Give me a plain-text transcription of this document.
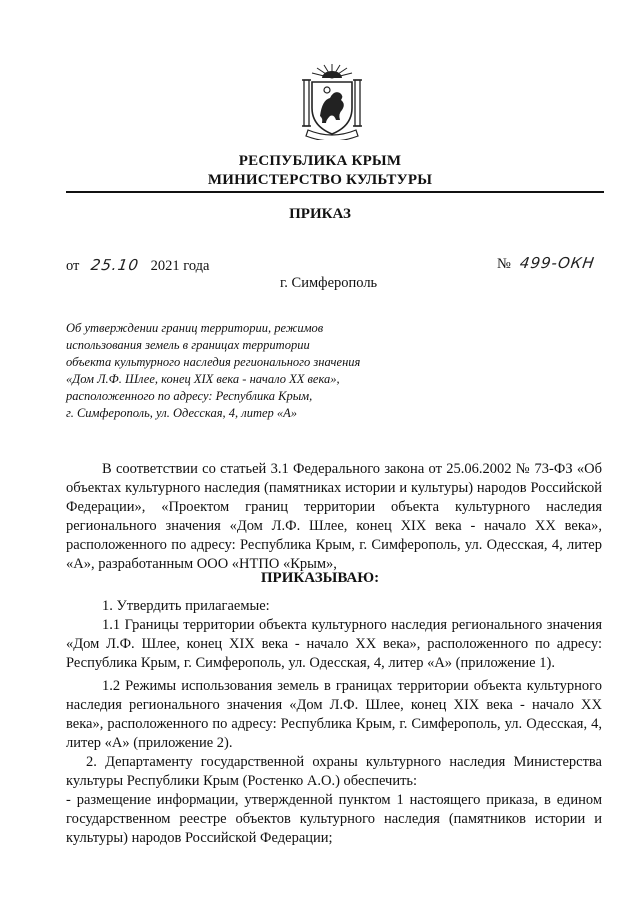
РЕСПУБЛИКА КРЫМ
МИНИСТЕРСТВО КУЛЬТУРЫ
ПРИКАЗ
от 25.10 2021 года	№ 499-ОКН
г. Симферополь
Об утверждении границ территории, режимов
использования земель в границах территории
объекта культурного наследия регионального значения
«Дом Л.Ф. Шлее, конец XIX века - начало XX века»,
расположенного по адресу: Республика Крым,
г. Симферополь, ул. Одесская, 4, литер «А»

В соответствии со статьей 3.1 Федерального закона от 25.06.2002 № 73-ФЗ «Об объектах культурного наследия (памятниках истории и культуры) народов Российской Федерации», «Проектом границ территории объекта культурного наследия регионального значения «Дом Л.Ф. Шлее, конец XIX века - начало XX века», расположенного по адресу: Республика Крым, г. Симферополь, ул. Одесская, 4, литер «А», разработанным ООО «НТПО «Крым»,

ПРИКАЗЫВАЮ:

1. Утвердить прилагаемые:

1.1 Границы территории объекта культурного наследия регионального значения «Дом Л.Ф. Шлее, конец XIX века - начало XX века», расположенного по адресу: Республика Крым, г. Симферополь, ул. Одесская, 4, литер «А» (приложение 1).

1.2 Режимы использования земель в границах территории объекта культурного наследия регионального значения «Дом Л.Ф. Шлее, конец XIX века - начало XX века», расположенного по адресу: Республика Крым, г. Симферополь, ул. Одесская, 4, литер «А» (приложение 2).

2. Департаменту государственной охраны культурного наследия Министерства культуры Республики Крым (Ростенко А.О.) обеспечить:

- размещение информации, утвержденной пунктом 1 настоящего приказа, в едином государственном реестре объектов культурного наследия (памятников истории и культуры) народов Российской Федерации;
